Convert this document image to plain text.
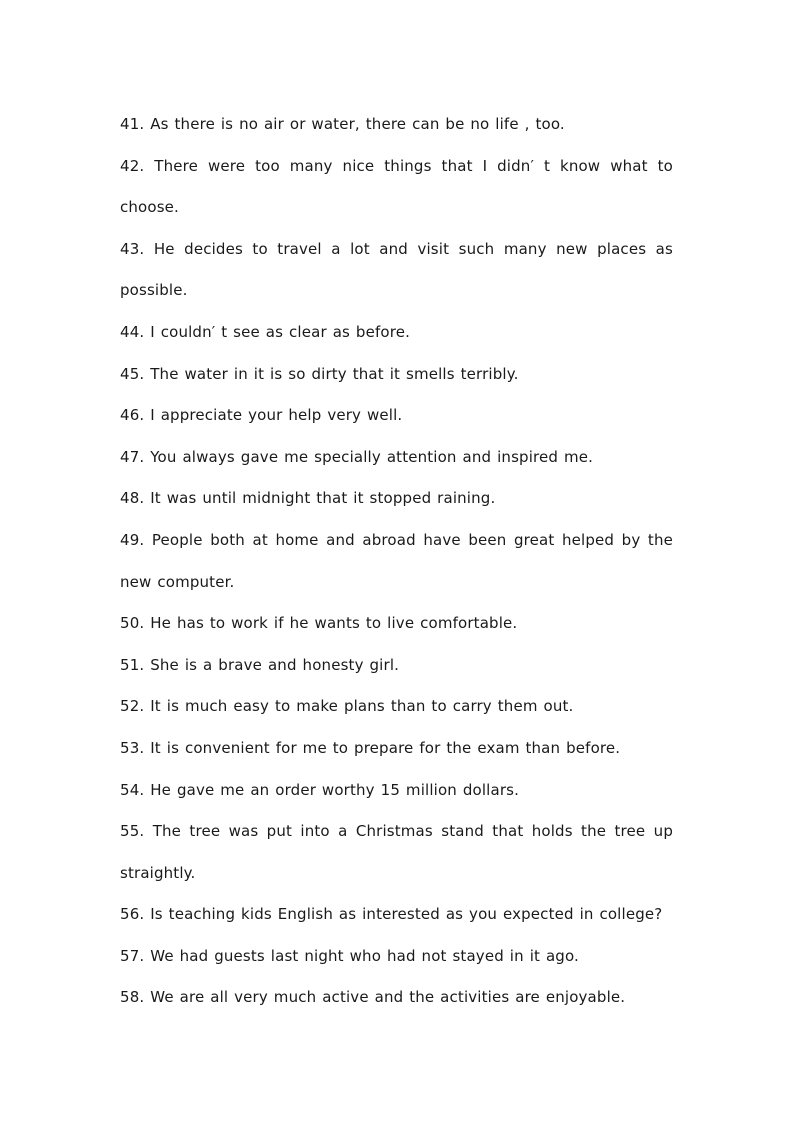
41. As there is no air or water, there can be no life , too.

42. There were too many nice things that I didn′ t know what to choose.

43. He decides to travel a lot and visit such many new places as possible.

44. I couldn′ t see as clear as before.

45. The water in it is so dirty that it smells terribly.

46. I appreciate your help very well.

47. You always gave me specially attention and inspired me.

48. It was until midnight that it stopped raining.

49. People both at home and abroad have been great helped by the new computer.

50. He has to work if he wants to live comfortable.

51. She is a brave and honesty girl.

52. It is much easy to make plans than to carry them out.

53. It is convenient for me to prepare for the exam than before.

54. He gave me an order worthy 15 million dollars.

55. The tree was put into a Christmas stand that holds the tree up straightly.

56. Is teaching kids English as interested as you expected in college?

57. We had guests last night who had not stayed in it ago.

58. We are all very much active and the activities are enjoyable.
